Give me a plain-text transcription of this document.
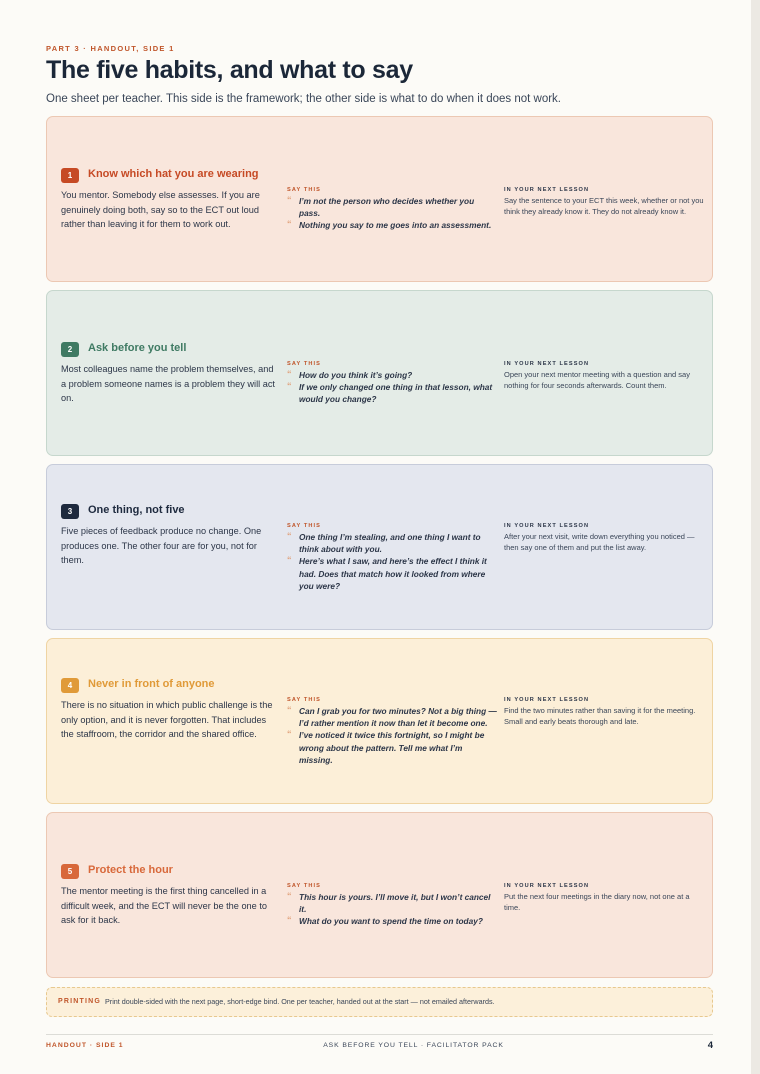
PART 3 · HANDOUT, SIDE 1
The five habits, and what to say
One sheet per teacher. This side is the framework; the other side is what to do when it does not work.
1	Know which hat you are wearing
You mentor. Somebody else assesses. If you are genuinely doing both, say so to the ECT out loud rather than leaving it for them to work out.
SAY THIS
“ I’m not the person who decides whether you pass.
“ Nothing you say to me goes into an assessment.
IN YOUR NEXT LESSON
Say the sentence to your ECT this week, whether or not you think they already know it. They do not already know it.
2	Ask before you tell
Most colleagues name the problem themselves, and a problem someone names is a problem they will act on.
SAY THIS
“ How do you think it’s going?
“ If we only changed one thing in that lesson, what would you change?
IN YOUR NEXT LESSON
Open your next mentor meeting with a question and say nothing for four seconds afterwards. Count them.
3	One thing, not five
Five pieces of feedback produce no change. One produces one. The other four are for you, not for them.
SAY THIS
“ One thing I’m stealing, and one thing I want to think about with you.
“ Here’s what I saw, and here’s the effect I think it had. Does that match how it looked from where you were?
IN YOUR NEXT LESSON
After your next visit, write down everything you noticed — then say one of them and put the list away.
4	Never in front of anyone
There is no situation in which public challenge is the only option, and it is never forgotten. That includes the staffroom, the corridor and the shared office.
SAY THIS
“ Can I grab you for two minutes? Not a big thing — I’d rather mention it now than let it become one.
“ I’ve noticed it twice this fortnight, so I might be wrong about the pattern. Tell me what I’m missing.
IN YOUR NEXT LESSON
Find the two minutes rather than saving it for the meeting. Small and early beats thorough and late.
5	Protect the hour
The mentor meeting is the first thing cancelled in a difficult week, and the ECT will never be the one to ask for it back.
SAY THIS
“ This hour is yours. I’ll move it, but I won’t cancel it.
“ What do you want to spend the time on today?
IN YOUR NEXT LESSON
Put the next four meetings in the diary now, not one at a time.
PRINTING Print double-sided with the next page, short-edge bind. One per teacher, handed out at the start — not emailed afterwards.
HANDOUT · SIDE 1	ASK BEFORE YOU TELL · FACILITATOR PACK	4
